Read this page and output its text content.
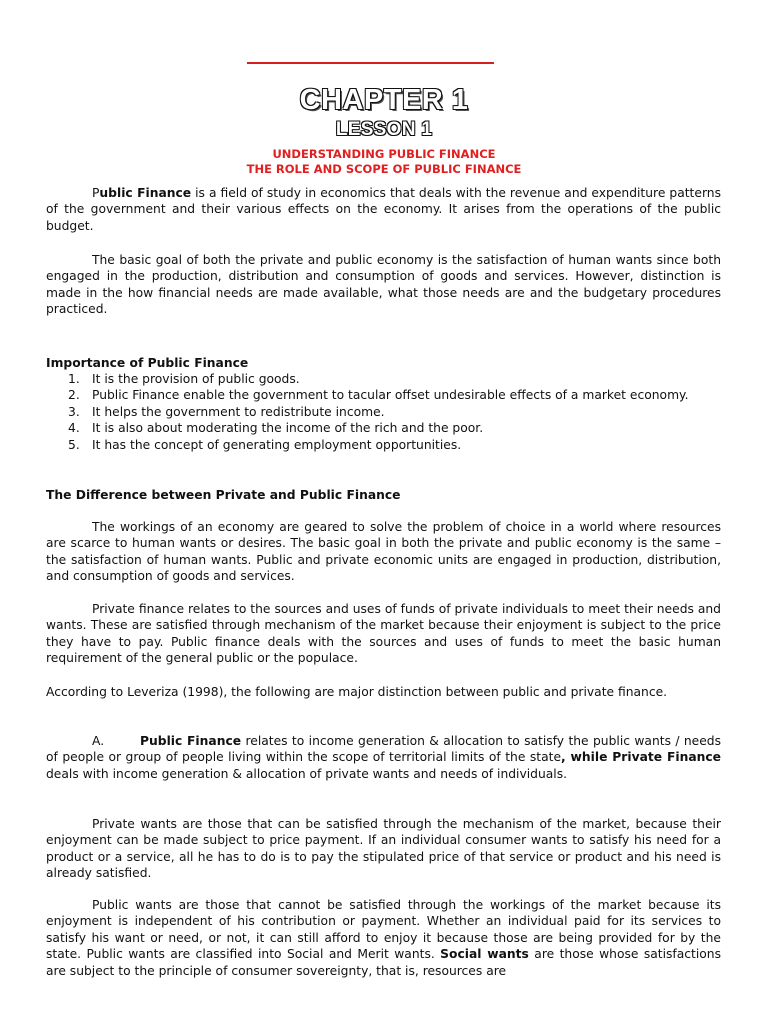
CHAPTER 1
LESSON 1
UNDERSTANDING PUBLIC FINANCE
THE ROLE AND SCOPE OF PUBLIC FINANCE

Public Finance is a field of study in economics that deals with the revenue and expenditure patterns of the government and their various effects on the economy. It arises from the operations of the public budget.

The basic goal of both the private and public economy is the satisfaction of human wants since both engaged in the production, distribution and consumption of goods and services. However, distinction is made in the how financial needs are made available, what those needs are and the budgetary procedures practiced.

Importance of Public Finance
1. It is the provision of public goods.
2. Public Finance enable the government to tacular offset undesirable effects of a market economy.
3. It helps the government to redistribute income.
4. It is also about moderating the income of the rich and the poor.
5. It has the concept of generating employment opportunities.
The Difference between Private and Public Finance

The workings of an economy are geared to solve the problem of choice in a world where resources are scarce to human wants or desires. The basic goal in both the private and public economy is the same – the satisfaction of human wants. Public and private economic units are engaged in production, distribution, and consumption of goods and services.

Private finance relates to the sources and uses of funds of private individuals to meet their needs and wants. These are satisfied through mechanism of the market because their enjoyment is subject to the price they have to pay. Public finance deals with the sources and uses of funds to meet the basic human requirement of the general public or the populace.

According to Leveriza (1998), the following are major distinction between public and private finance.

A.	Public Finance relates to income generation & allocation to satisfy the public wants / needs of people or group of people living within the scope of territorial limits of the state, while Private Finance deals with income generation & allocation of private wants and needs of individuals.

Private wants are those that can be satisfied through the mechanism of the market, because their enjoyment can be made subject to price payment. If an individual consumer wants to satisfy his need for a product or a service, all he has to do is to pay the stipulated price of that service or product and his need is already satisfied.

Public wants are those that cannot be satisfied through the workings of the market because its enjoyment is independent of his contribution or payment. Whether an individual paid for its services to satisfy his want or need, or not, it can still afford to enjoy it because those are being provided for by the state. Public wants are classified into Social and Merit wants. Social wants are those whose satisfactions are subject to the principle of consumer sovereignty, that is, resources are
